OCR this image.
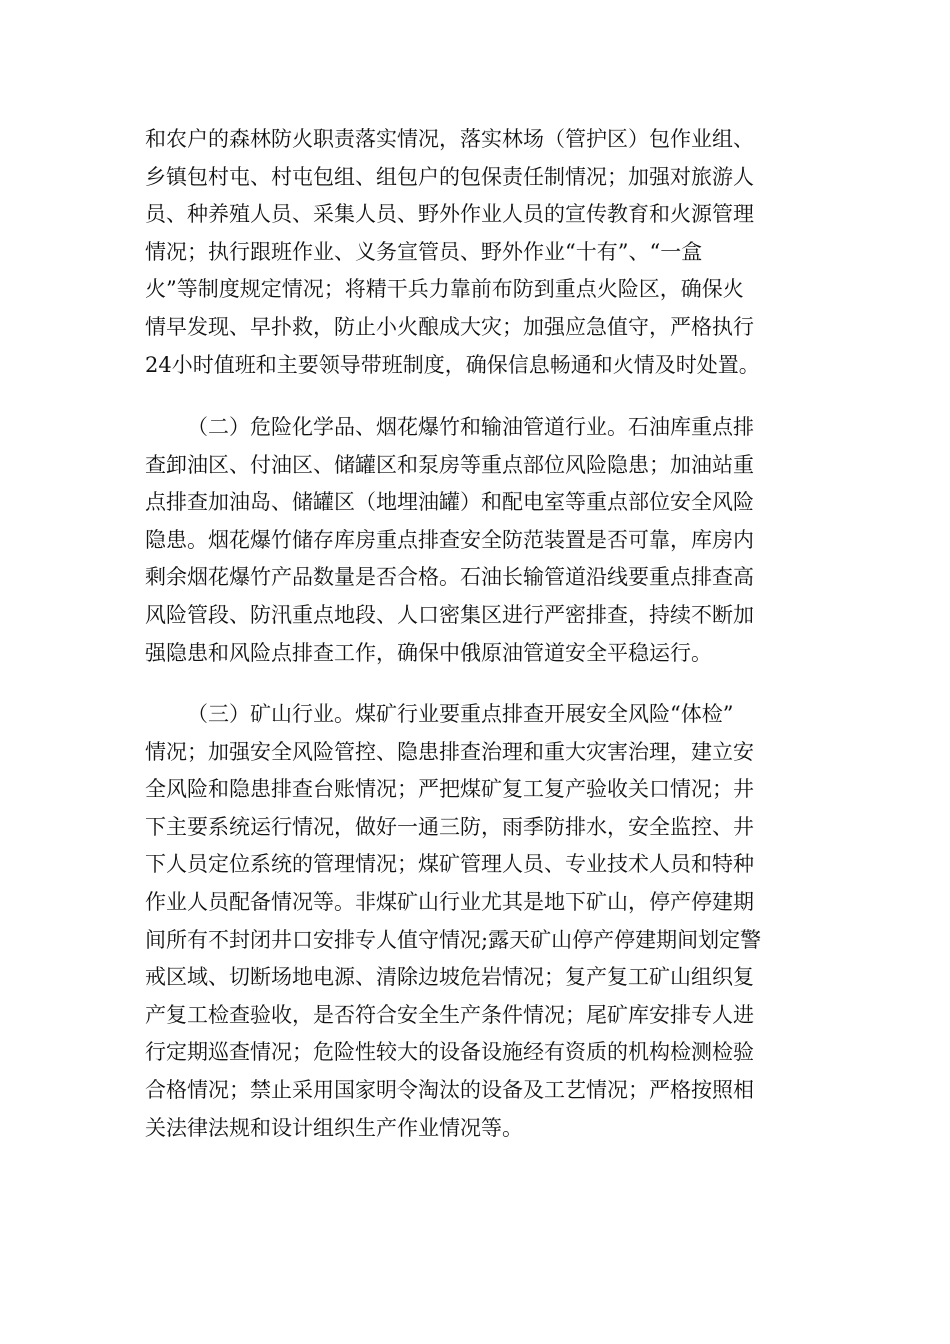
和农户的森林防火职责落实情况，落实林场（管护区）包作业组、
乡镇包村屯、村屯包组、组包户的包保责任制情况；加强对旅游人
员、种养殖人员、采集人员、野外作业人员的宣传教育和火源管理
情况；执行跟班作业、义务宣管员、野外作业“十有”、“一盒
火”等制度规定情况；将精干兵力靠前布防到重点火险区，确保火
情早发现、早扑救，防止小火酿成大灾；加强应急值守，严格执行
24小时值班和主要领导带班制度，确保信息畅通和火情及时处置。
（二）危险化学品、烟花爆竹和输油管道行业。石油库重点排
查卸油区、付油区、储罐区和泵房等重点部位风险隐患；加油站重
点排查加油岛、储罐区（地埋油罐）和配电室等重点部位安全风险
隐患。烟花爆竹储存库房重点排查安全防范装置是否可靠，库房内
剩余烟花爆竹产品数量是否合格。石油长输管道沿线要重点排查高
风险管段、防汛重点地段、人口密集区进行严密排查，持续不断加
强隐患和风险点排查工作，确保中俄原油管道安全平稳运行。
（三）矿山行业。煤矿行业要重点排查开展安全风险“体检”
情况；加强安全风险管控、隐患排查治理和重大灾害治理，建立安
全风险和隐患排查台账情况；严把煤矿复工复产验收关口情况；井
下主要系统运行情况，做好一通三防，雨季防排水，安全监控、井
下人员定位系统的管理情况；煤矿管理人员、专业技术人员和特种
作业人员配备情况等。非煤矿山行业尤其是地下矿山，停产停建期
间所有不封闭井口安排专人值守情况;露天矿山停产停建期间划定警
戒区域、切断场地电源、清除边坡危岩情况；复产复工矿山组织复
产复工检查验收，是否符合安全生产条件情况；尾矿库安排专人进
行定期巡查情况；危险性较大的设备设施经有资质的机构检测检验
合格情况；禁止采用国家明令淘汰的设备及工艺情况；严格按照相
关法律法规和设计组织生产作业情况等。
